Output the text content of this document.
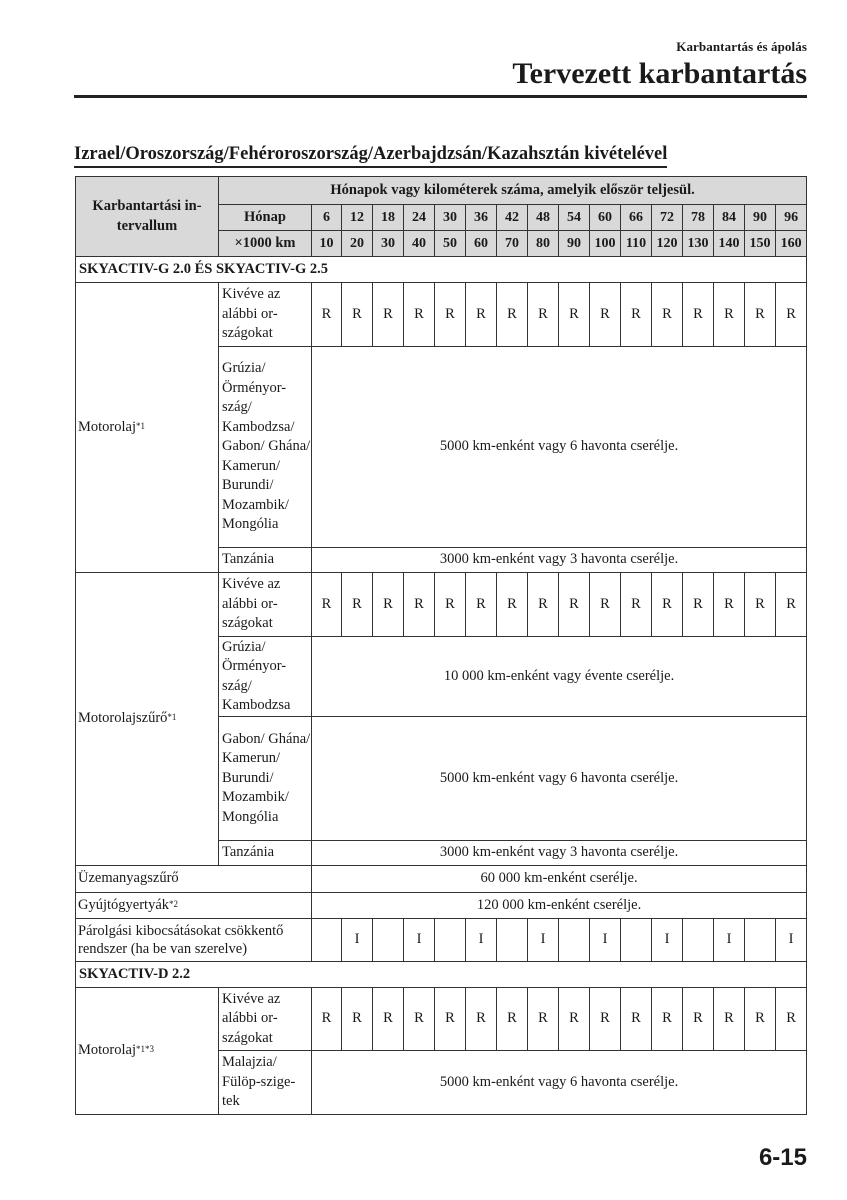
Karbantartás és ápolás
Tervezett karbantartás
Izrael/Oroszország/Fehéroroszország/Azerbajdzsán/Kazahsztán kivételével
Karbantartási in-tervallum	Hónapok vagy kilométerek száma, amelyik először teljesül.																
	Hónap	6	12	18	24	30	36	42	48	54	60	66	72	78	84	90	96
	×1000 km	10	20	30	40	50	60	70	80	90	100	110	120	130	140	150	160
SKYACTIV-G 2.0 ÉS SKYACTIV-G 2.5																	
Motorolaj$^{*1}$	Kivéve az alábbi or-szágokat	R	R	R	R	R	R	R	R	R	R	R	R	R	R	R	R
	Grúzia/ Örményor-szág/ Kambodzsa/ Gabon/ Ghána/ Kamerun/ Burundi/ Mozambik/ Mongólia	5000 km-enként vagy 6 havonta cserélje.															
	Tanzánia	3000 km-enként vagy 3 havonta cserélje.															
Motorolajszűrő$^{*1}$	Kivéve az alábbi or-szágokat	R	R	R	R	R	R	R	R	R	R	R	R	R	R	R	R
	Grúzia/ Örményor-szág/ Kambodzsa	10 000 km-enként vagy évente cserélje.															
	Gabon/ Ghána/ Kamerun/ Burundi/ Mozambik/ Mongólia	5000 km-enként vagy 6 havonta cserélje.															
	Tanzánia	3000 km-enként vagy 3 havonta cserélje.															
Üzemanyagszűrő		60 000 km-enként cserélje.															
Gyújtógyertyák$^{*2}$		120 000 km-enként cserélje.															
Párolgási kibocsátásokat csökkentő rendszer (ha be van szerelve)			I		I		I		I		I		I		I		I
SKYACTIV-D 2.2																	
Motorolaj$^{*1*3}$	Kivéve az alábbi or-szágokat	R	R	R	R	R	R	R	R	R	R	R	R	R	R	R	R
	Malajzia/ Fülöp-szige-tek	5000 km-enként vagy 6 havonta cserélje.															
6-15
